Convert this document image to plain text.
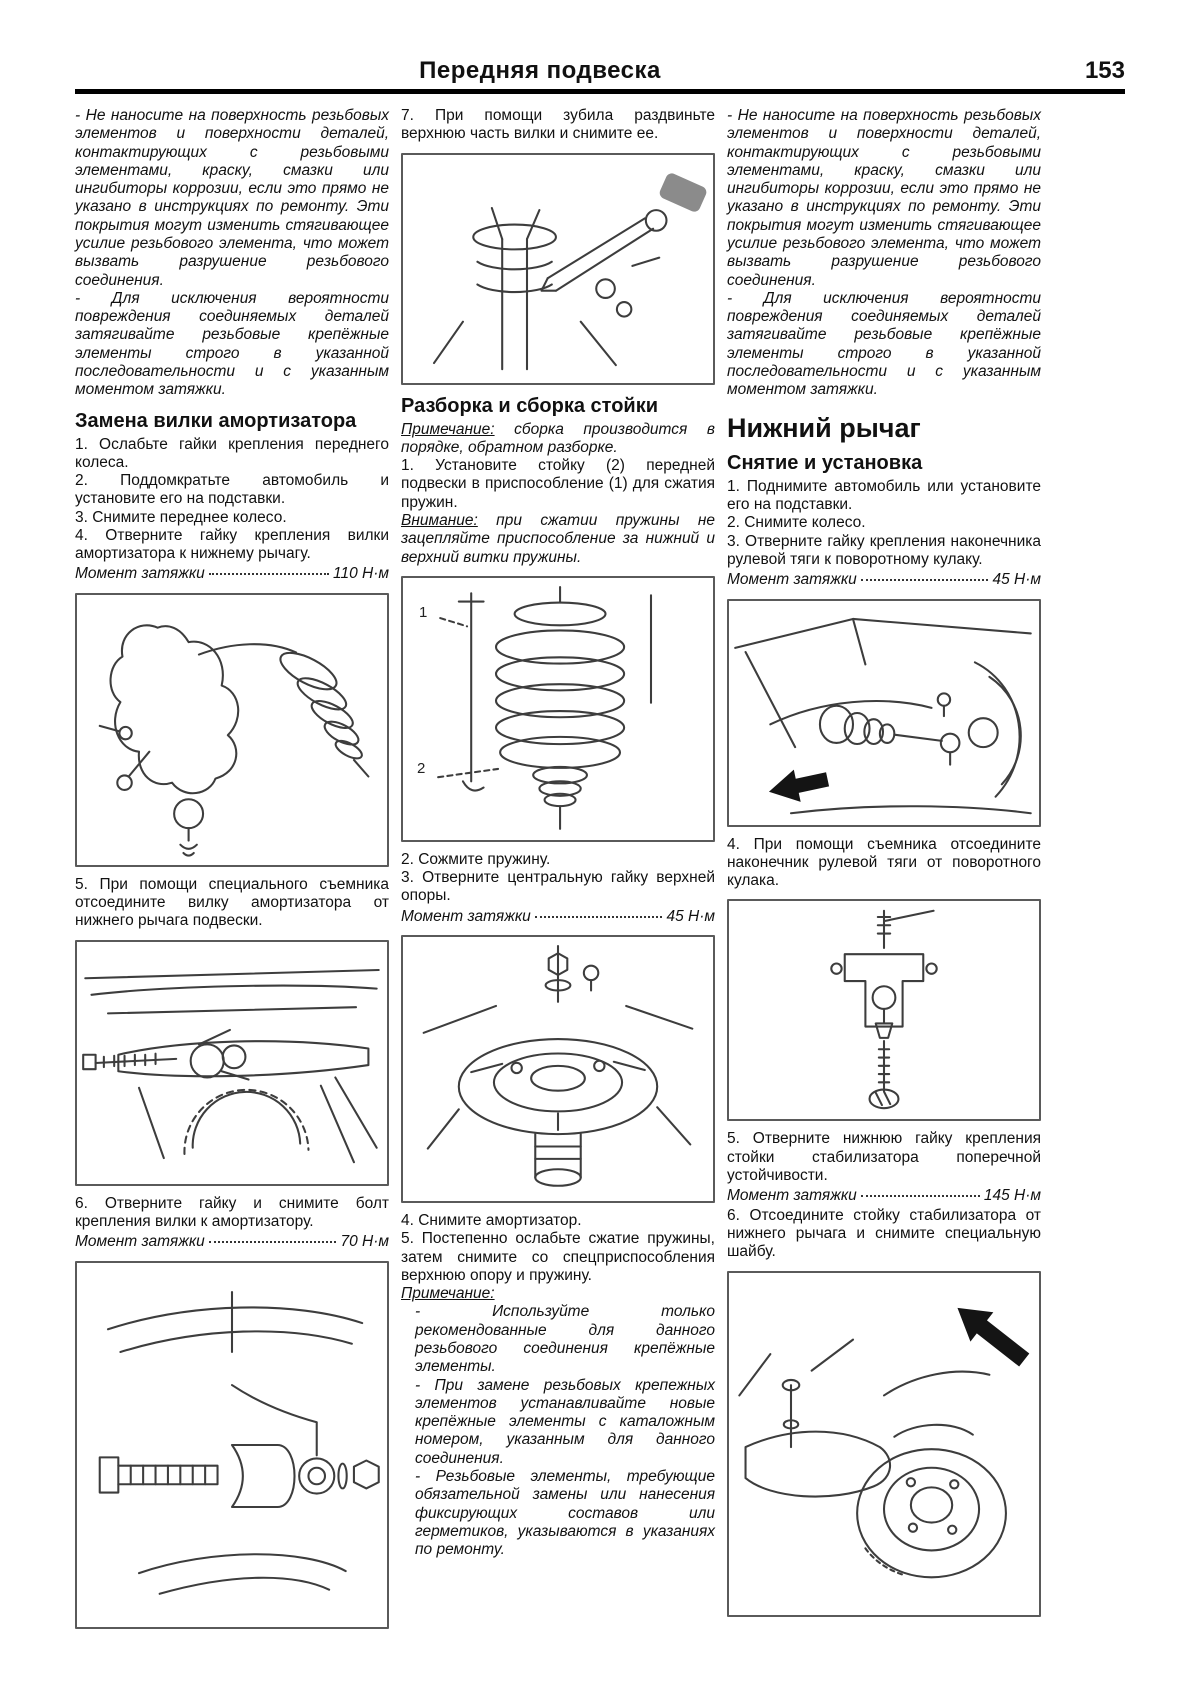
Передняя подвеска	153

- Не наносите на поверхность резьбовых элементов и поверхности деталей, контактирующих с резьбовыми элементами, краску, смазки или ингибиторы коррозии, если это прямо не указано в инструкциях по ремонту. Эти покрытия могут изменить стягивающее усилие резьбового элемента, что может вызвать разрушение резьбового соединения.

- Для исключения вероятности повреждения соединяемых деталей затягивайте резьбовые крепёжные элементы строго в указанной последовательности и с указанным моментом затяжки.

Замена вилки амортизатора

1. Ослабьте гайки крепления переднего колеса.

2. Поддомкратьте автомобиль и установите его на подставки.

3. Снимите переднее колесо.

4. Отверните гайку крепления вилки амортизатора к нижнему рычагу.

Момент затяжки	110 Н·м

5. При помощи специального съемника отсоедините вилку амортизатора от нижнего рычага подвески.

6. Отверните гайку и снимите болт крепления вилки к амортизатору.

Момент затяжки	70 Н·м

7. При помощи зубила раздвиньте верхнюю часть вилки и снимите ее.

Разборка и сборка стойки

Примечание: сборка производится в порядке, обратном разборке.

1. Установите стойку (2) передней подвески в приспособление (1) для сжатия пружин.

Внимание: при сжатии пружины не зацепляйте приспособление за нижний и верхний витки пружины.

1
2

2. Сожмите пружину.

3. Отверните центральную гайку верхней опоры.

Момент затяжки	45 Н·м

4. Снимите амортизатор.

5. Постепенно ослабьте сжатие пружины, затем снимите со спецприспособления верхнюю опору и пружину.

Примечание:

- Используйте только рекомендованные для данного резьбового соединения крепёжные элементы.

- При замене резьбовых крепежных элементов устанавливайте новые крепёжные элементы с каталожным номером, указанным для данного соединения.

- Резьбовые элементы, требующие обязательной замены или нанесения фиксирующих составов или герметиков, указываются в указаниях по ремонту.

- Не наносите на поверхность резьбовых элементов и поверхности деталей, контактирующих с резьбовыми элементами, краску, смазки или ингибиторы коррозии, если это прямо не указано в инструкциях по ремонту. Эти покрытия могут изменить стягивающее усилие резьбового элемента, что может вызвать разрушение резьбового соединения.

- Для исключения вероятности повреждения соединяемых деталей затягивайте резьбовые крепёжные элементы строго в указанной последовательности и с указанным моментом затяжки.

Нижний рычаг
Снятие и установка

1. Поднимите автомобиль или установите его на подставки.

2. Снимите колесо.

3. Отверните гайку крепления наконечника рулевой тяги к поворотному кулаку.

Момент затяжки	45 Н·м

4. При помощи съемника отсоедините наконечник рулевой тяги от поворотного кулака.

5. Отверните нижнюю гайку крепления стойки стабилизатора поперечной устойчивости.

Момент затяжки	145 Н·м

6. Отсоедините стойку стабилизатора от нижнего рычага и снимите специальную шайбу.
